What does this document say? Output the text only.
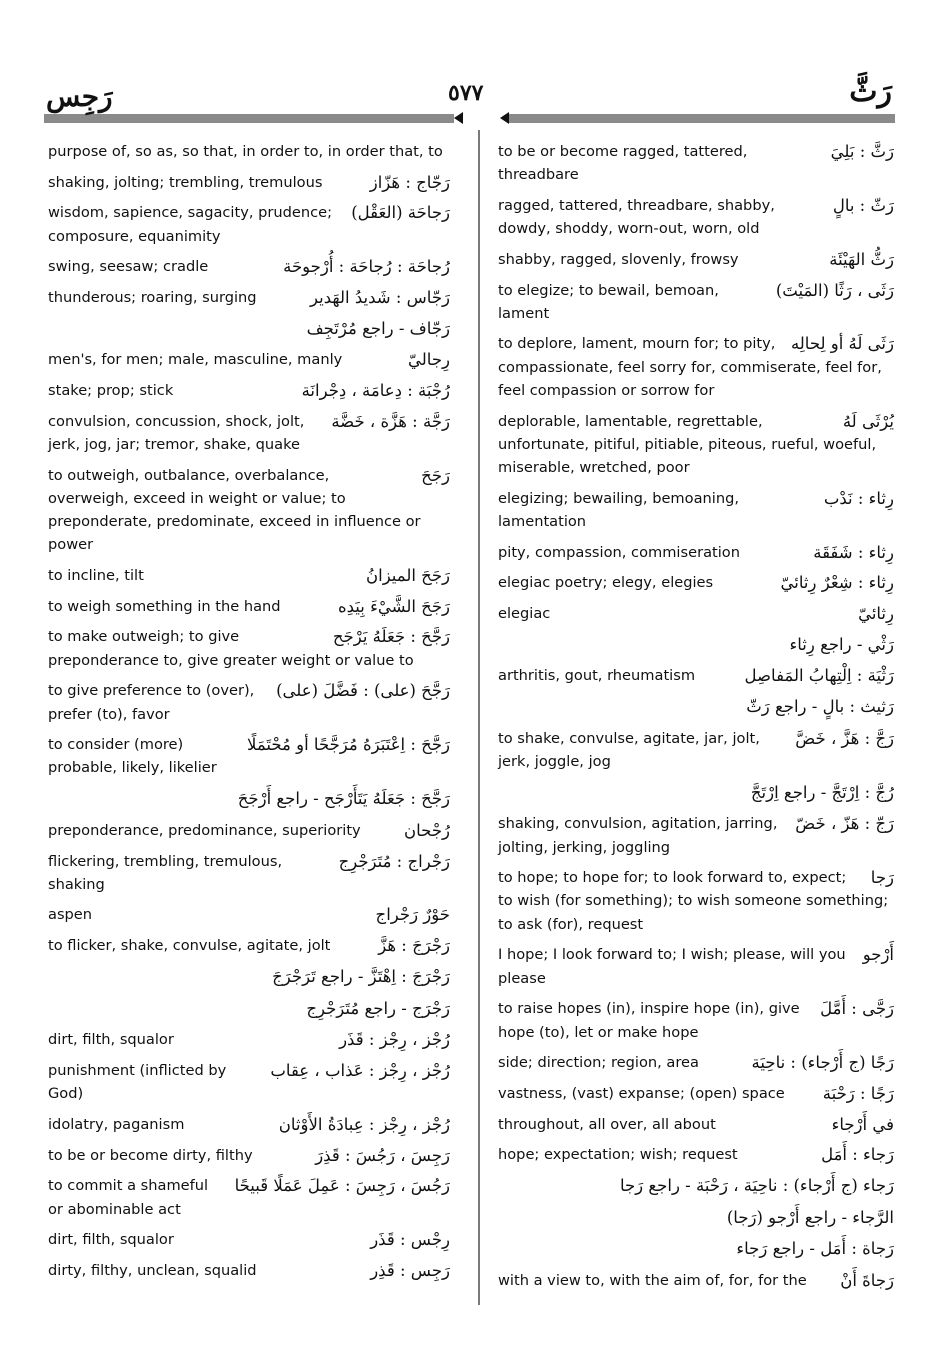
رَجِس	٥٧٧	رَثَّ
purpose of, so as, so that, in order to, in order that, to
رَجّاج : هَزّاز
shaking, jolting; trembling, tremulous
رَجاحَة (العَقْل)
wisdom, sapience, sagacity, prudence; composure, equanimity
رُجاحَة : رُجاحَة : أُرْجوحَة
swing, seesaw; cradle
رَجّاس : شَديدُ الهَدير
thunderous; roaring, surging
رَجّاف - راجع مُرْتَجِف
رِجاليّ
men's, for men; male, masculine, manly
رُجْبَة : دِعامَة ، دِجْرانَة
stake; prop; stick
رَجَّة : هَزَّة ، خَضَّة
convulsion, concussion, shock, jolt, jerk, jog, jar; tremor, shake, quake
رَجَحَ
to outweigh, outbalance, overbalance, overweigh, exceed in weight or value; to preponderate, predominate, exceed in influence or power
رَجَحَ الميزانُ
to incline, tilt
رَجَحَ الشَّيْءَ بِيَدِه
to weigh something in the hand
رَجَّحَ : جَعَلَهُ يَرْجَح
to make outweigh; to give preponderance to, give greater weight or value to
رَجَّحَ (على) : فَضَّلَ (على)
to give preference to (over), prefer (to), favor
رَجَّحَ : اِعْتَبَرَهُ مُرَجَّحًا أو مُحْتَمَلًا
to consider (more) probable, likely, likelier
رَجَّحَ : جَعَلَهُ يَتَأَرْجَح - راجع أَرْجَحَ
رُجْحان
preponderance, predominance, superiority
رَجْراج : مُتَرَجْرِج
flickering, trembling, tremulous, shaking
حَوْرٌ رَجْراج
aspen
رَجْرَجَ : هَزَّ
to flicker, shake, convulse, agitate, jolt
رَجْرَجَ : اِهْتَزَّ - راجع تَرَجْرَجَ
رَجْرَج - راجع مُتَرَجْرِج
رُجْز ، رِجْز : قَذَر
dirt, filth, squalor
رُجْز ، رِجْز : عَذاب ، عِقاب
punishment (inflicted by God)
رُجْز ، رِجْز : عِبادَةُ الأَوْثان
idolatry, paganism
رَجِسَ ، رَجُسَ : قَذِرَ
to be or become dirty, filthy
رَجُسَ ، رَجِسَ : عَمِلَ عَمَلًا قَبيحًا
to commit a shameful or abominable act
رِجْس : قَذَر
dirt, filth, squalor
رَجِس : قَذِر
dirty, filthy, unclean, squalid
رَثَّ : بَلِيَ
to be or become ragged, tattered, threadbare
رَثّ : بالٍ
ragged, tattered, threadbare, shabby, dowdy, shoddy, worn-out, worn, old
رَثُّ الهَيْئَة
shabby, ragged, slovenly, frowsy
رَثَى ، رَثًا (المَيْتَ)
to elegize; to bewail, bemoan, lament
رَثَى لَهُ أو لِحالِه
to deplore, lament, mourn for; to pity, compassionate, feel sorry for, commiserate, feel for, feel compassion or sorrow for
يُرْثَى لَهُ
deplorable, lamentable, regrettable, unfortunate, pitiful, pitiable, piteous, rueful, woeful, miserable, wretched, poor
رِثاء : نَدْب
elegizing; bewailing, bemoaning, lamentation
رِثاء : شَفَقَة
pity, compassion, commiseration
رِثاء : شِعْرٌ رِثائيّ
elegiac poetry; elegy, elegies
رِثائيّ
elegiac
رَثْي - راجع رِثاء
رَثْيَة : اِلْتِهابُ المَفاصِل
arthritis, gout, rheumatism
رَثيث : بالٍ - راجع رَثّ
رَجَّ : هَزَّ ، خَضَّ
to shake, convulse, agitate, jar, jolt, jerk, joggle, jog
رُجَّ : اِرْتَجَّ - راجع اِرْتَجَّ
رَجّ : هَزّ ، خَضّ
shaking, convulsion, agitation, jarring, jolting, jerking, joggling
رَجا
to hope; to hope for; to look forward to, expect; to wish (for something); to wish someone something; to ask (for), request
أَرْجو
I hope; I look forward to; I wish; please, will you please
رَجَّى : أَمَّلَ
to raise hopes (in), inspire hope (in), give hope (to), let or make hope
رَجًا (ج أَرْجاء) : ناحِيَة
side; direction; region, area
رَجًا : رَحْبَة
vastness, (vast) expanse; (open) space
في أَرْجاء
throughout, all over, all about
رَجاء : أَمَل
hope; expectation; wish; request
رَجاء (ج أَرْجاء) : ناحِيَة ، رَحْبَة - راجع رَجا
الرَّجاء - راجع أَرْجو (رَجا)
رَجاة : أَمَل - راجع رَجاء
رَجاةَ أَنْ
with a view to, with the aim of, for, for the
